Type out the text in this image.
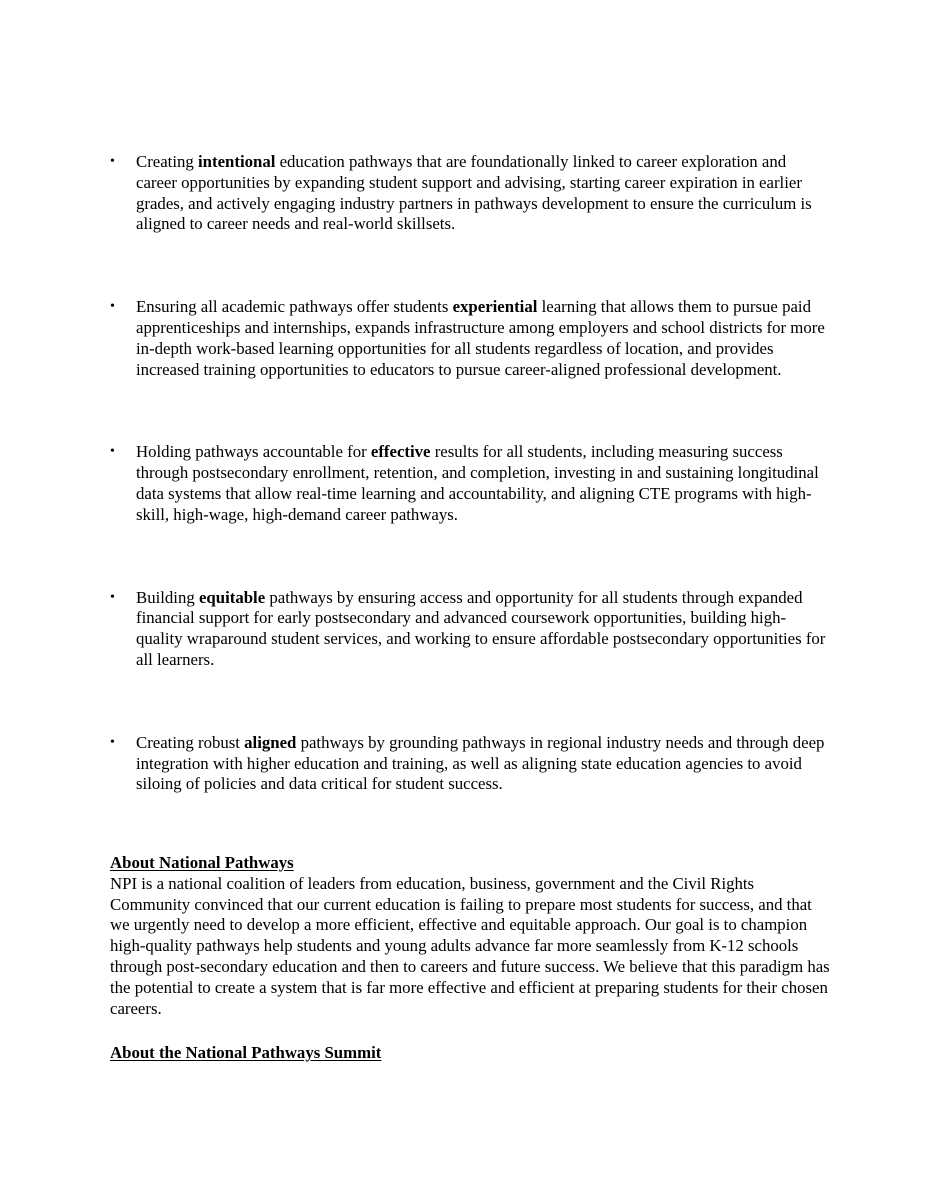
•	Creating intentional education pathways that are foundationally linked to career exploration and career opportunities by expanding student support and advising, starting career expiration in earlier grades, and actively engaging industry partners in pathways development to ensure the curriculum is aligned to career needs and real-world skillsets.
•	Ensuring all academic pathways offer students experiential learning that allows them to pursue paid apprenticeships and internships, expands infrastructure among employers and school districts for more in-depth work-based learning opportunities for all students regardless of location, and provides increased training opportunities to educators to pursue career-aligned professional development.
•	Holding pathways accountable for effective results for all students, including measuring success through postsecondary enrollment, retention, and completion, investing in and sustaining longitudinal data systems that allow real-time learning and accountability, and aligning CTE programs with high-skill, high-wage, high-demand career pathways.
•	Building equitable pathways by ensuring access and opportunity for all students through expanded financial support for early postsecondary and advanced coursework opportunities, building high-quality wraparound student services, and working to ensure affordable postsecondary opportunities for all learners.
•	Creating robust aligned pathways by grounding pathways in regional industry needs and through deep integration with higher education and training, as well as aligning state education agencies to avoid siloing of policies and data critical for student success.
About National Pathways
NPI is a national coalition of leaders from education, business, government and the Civil Rights Community convinced that our current education is failing to prepare most students for success, and that we urgently need to develop a more efficient, effective and equitable approach. Our goal is to champion high-quality pathways help students and young adults advance far more seamlessly from K-12 schools through post-secondary education and then to careers and future success. We believe that this paradigm has the potential to create a system that is far more effective and efficient at preparing students for their chosen careers.
About the National Pathways Summit
